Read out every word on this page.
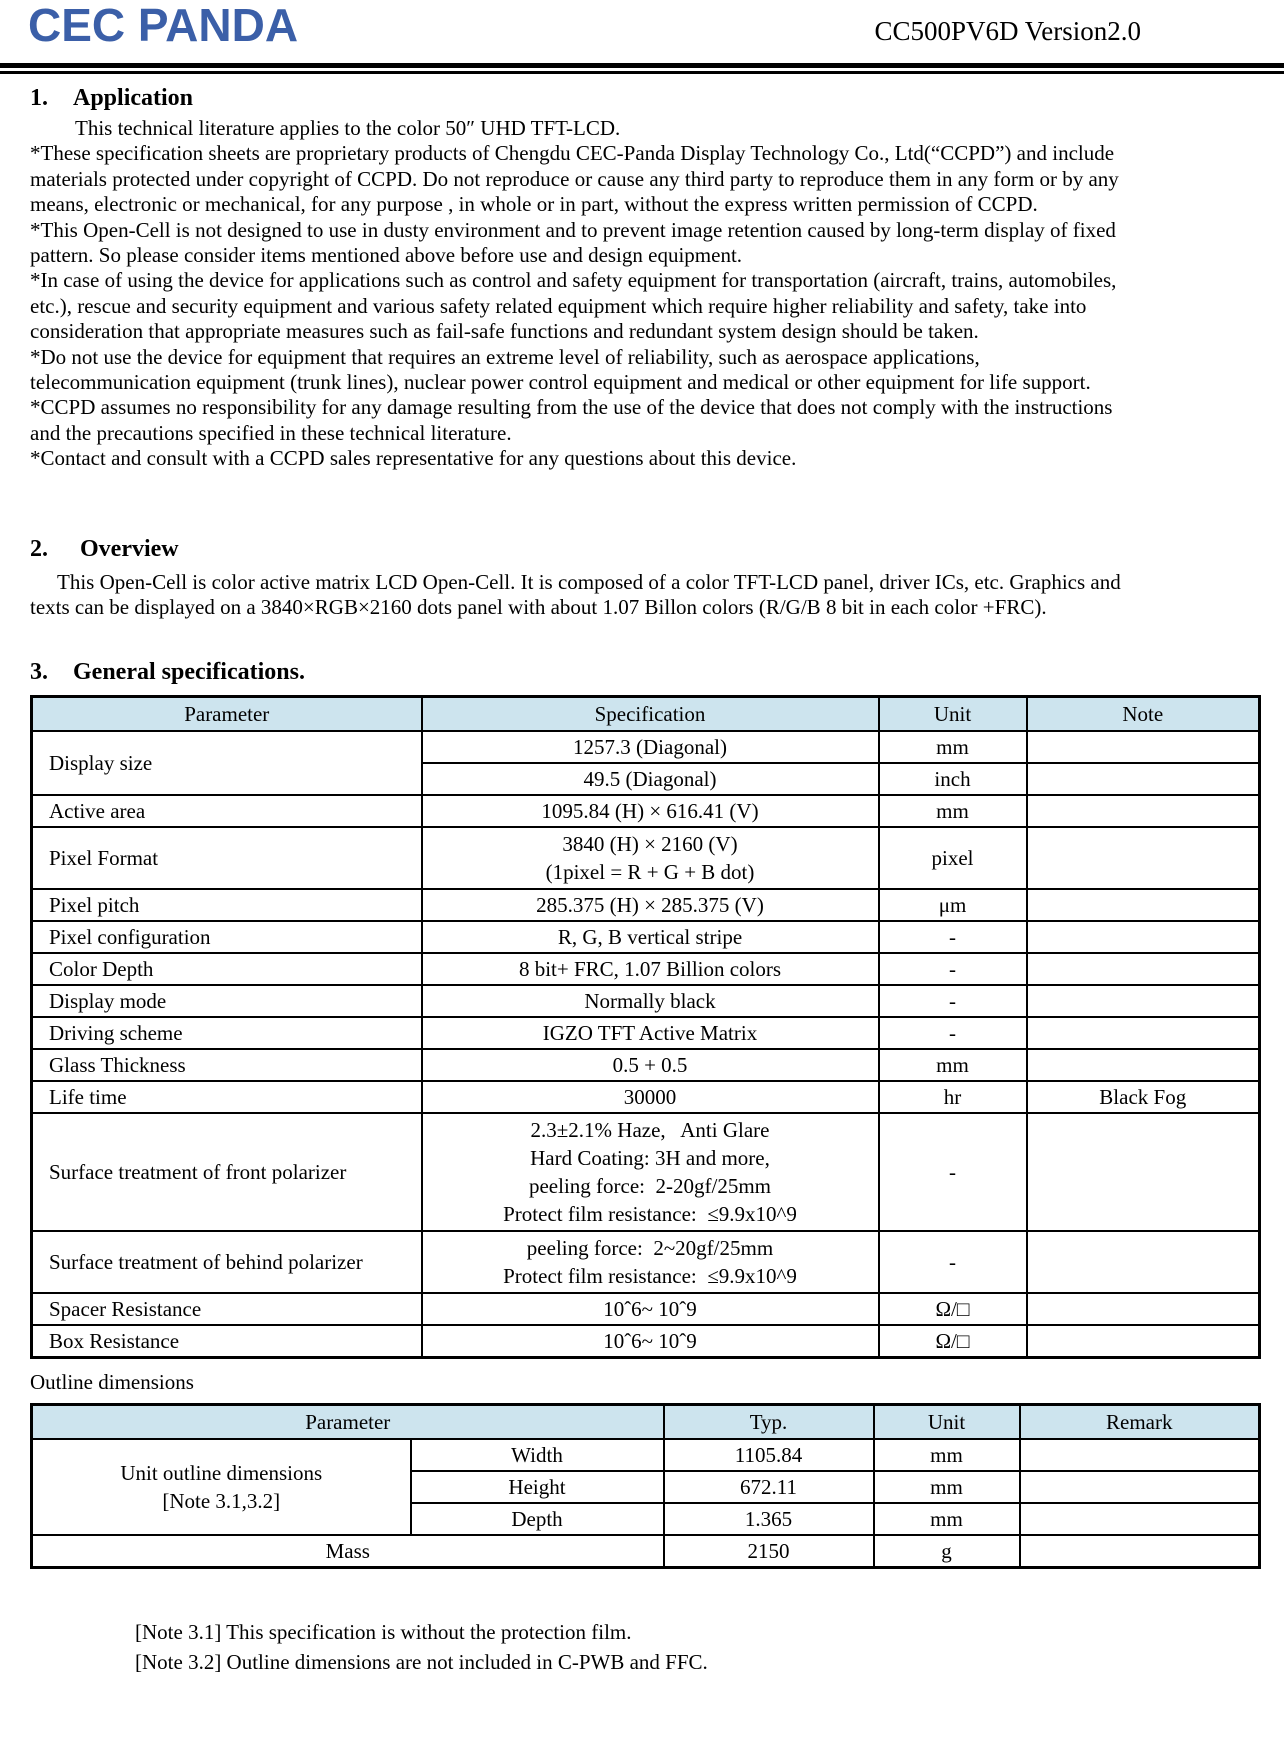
CEC PANDA	CC500PV6D Version2.0
1. Application

This technical literature applies to the color 50″ UHD TFT-LCD.

*These specification sheets are proprietary products of Chengdu CEC-Panda Display Technology Co., Ltd(“CCPD”) and include materials protected under copyright of CCPD. Do not reproduce or cause any third party to reproduce them in any form or by any means, electronic or mechanical, for any purpose , in whole or in part, without the express written permission of CCPD.

*This Open-Cell is not designed to use in dusty environment and to prevent image retention caused by long-term display of fixed pattern. So please consider items mentioned above before use and design equipment.

*In case of using the device for applications such as control and safety equipment for transportation (aircraft, trains, automobiles, etc.), rescue and security equipment and various safety related equipment which require higher reliability and safety, take into consideration that appropriate measures such as fail-safe functions and redundant system design should be taken.

*Do not use the device for equipment that requires an extreme level of reliability, such as aerospace applications, telecommunication equipment (trunk lines), nuclear power control equipment and medical or other equipment for life support.

*CCPD assumes no responsibility for any damage resulting from the use of the device that does not comply with the instructions and the precautions specified in these technical literature.

*Contact and consult with a CCPD sales representative for any questions about this device.

2. Overview

This Open-Cell is color active matrix LCD Open-Cell. It is composed of a color TFT-LCD panel, driver ICs, etc. Graphics and texts can be displayed on a 3840×RGB×2160 dots panel with about 1.07 Billon colors (R/G/B 8 bit in each color +FRC).

3. General specifications.
Parameter	Specification	Unit	Note
Display size	1257.3 (Diagonal)	mm	
	49.5 (Diagonal)	inch	
Active area	1095.84 (H) × 616.41 (V)	mm	
Pixel Format	3840 (H) × 2160 (V)
(1pixel = R + G + B dot)	pixel	
Pixel pitch	285.375 (H) × 285.375 (V)	μm	
Pixel configuration	R, G, B vertical stripe	-	
Color Depth	8 bit+ FRC, 1.07 Billion colors	-	
Display mode	Normally black	-	
Driving scheme	IGZO TFT Active Matrix	-	
Glass Thickness	0.5 + 0.5	mm	
Life time	30000	hr	Black Fog
Surface treatment of front polarizer	2.3±2.1% Haze,   Anti Glare
Hard Coating: 3H and more,
peeling force:  2-20gf/25mm
Protect film resistance:  ≤9.9x10^9	-	
Surface treatment of behind polarizer	peeling force:  2~20gf/25mm
Protect film resistance:  ≤9.9x10^9	-	
Spacer Resistance	10ˆ6~ 10ˆ9	Ω/□	
Box Resistance	10ˆ6~ 10ˆ9	Ω/□	
Outline dimensions
Parameter		Typ.	Unit	Remark

Unit outline dimensions
[Note 3.1,3.2]	Width	1105.84	mm	
	Height	672.11	mm	
	Depth	1.365	mm	
Mass		2150	g	

[Note 3.1] This specification is without the protection film.

[Note 3.2] Outline dimensions are not included in C-PWB and FFC.
